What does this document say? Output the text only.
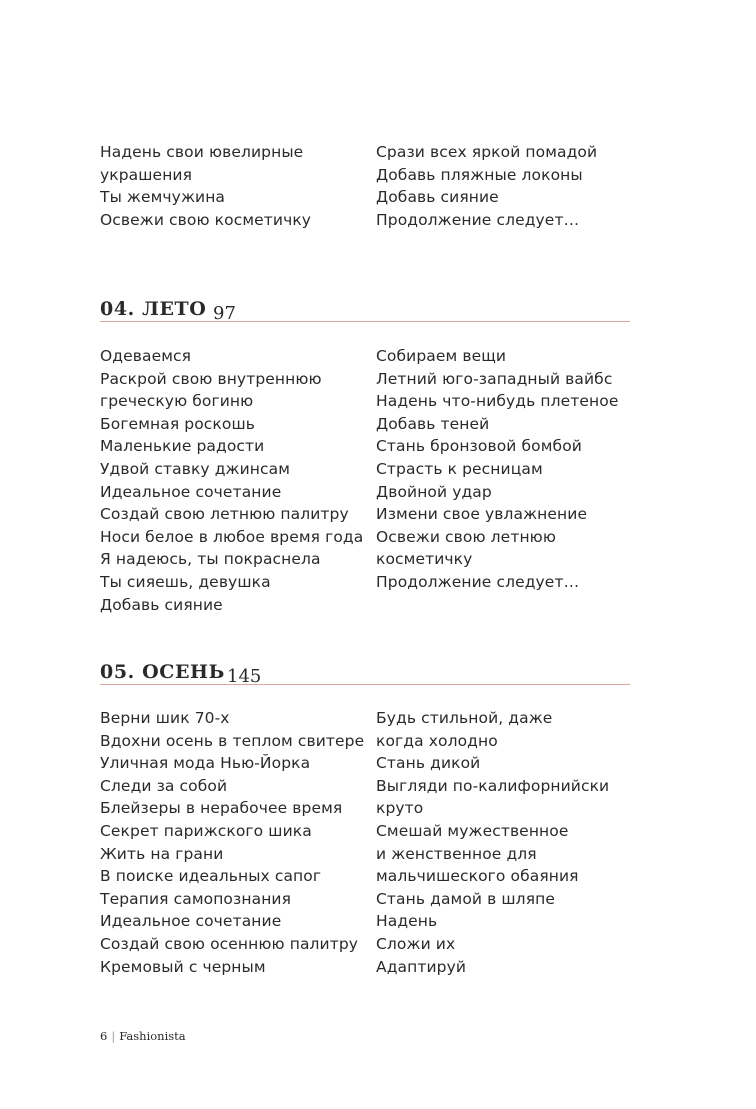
Надень свои ювелирные
украшения
Ты жемчужина
Освежи свою косметичку
Срази всех яркой помадой
Добавь пляжные локоны
Добавь сияние
Продолжение следует…
04. ЛЕТО 97
Одеваемся
Раскрой свою внутреннюю
греческую богиню
Богемная роскошь
Маленькие радости
Удвой ставку джинсам
Идеальное сочетание
Создай свою летнюю палитру
Носи белое в любое время года
Я надеюсь, ты покраснела
Ты сияешь, девушка
Добавь сияние
Собираем вещи
Летний юго-западный вайбс
Надень что-нибудь плетеное
Добавь теней
Стань бронзовой бомбой
Страсть к ресницам
Двойной удар
Измени свое увлажнение
Освежи свою летнюю
косметичку
Продолжение следует…
05. ОСЕНЬ 145
Верни шик 70-х
Вдохни осень в теплом свитере
Уличная мода Нью-Йорка
Следи за собой
Блейзеры в нерабочее время
Секрет парижского шика
Жить на грани
В поиске идеальных сапог
Терапия самопознания
Идеальное сочетание
Создай свою осеннюю палитру
Кремовый с черным
Будь стильной, даже
когда холодно
Стань дикой
Выгляди по-калифорнийски
круто
Смешай мужественное
и женственное для
мальчишеского обаяния
Стань дамой в шляпе
Надень
Сложи их
Адаптируй
6 | Fashionista
